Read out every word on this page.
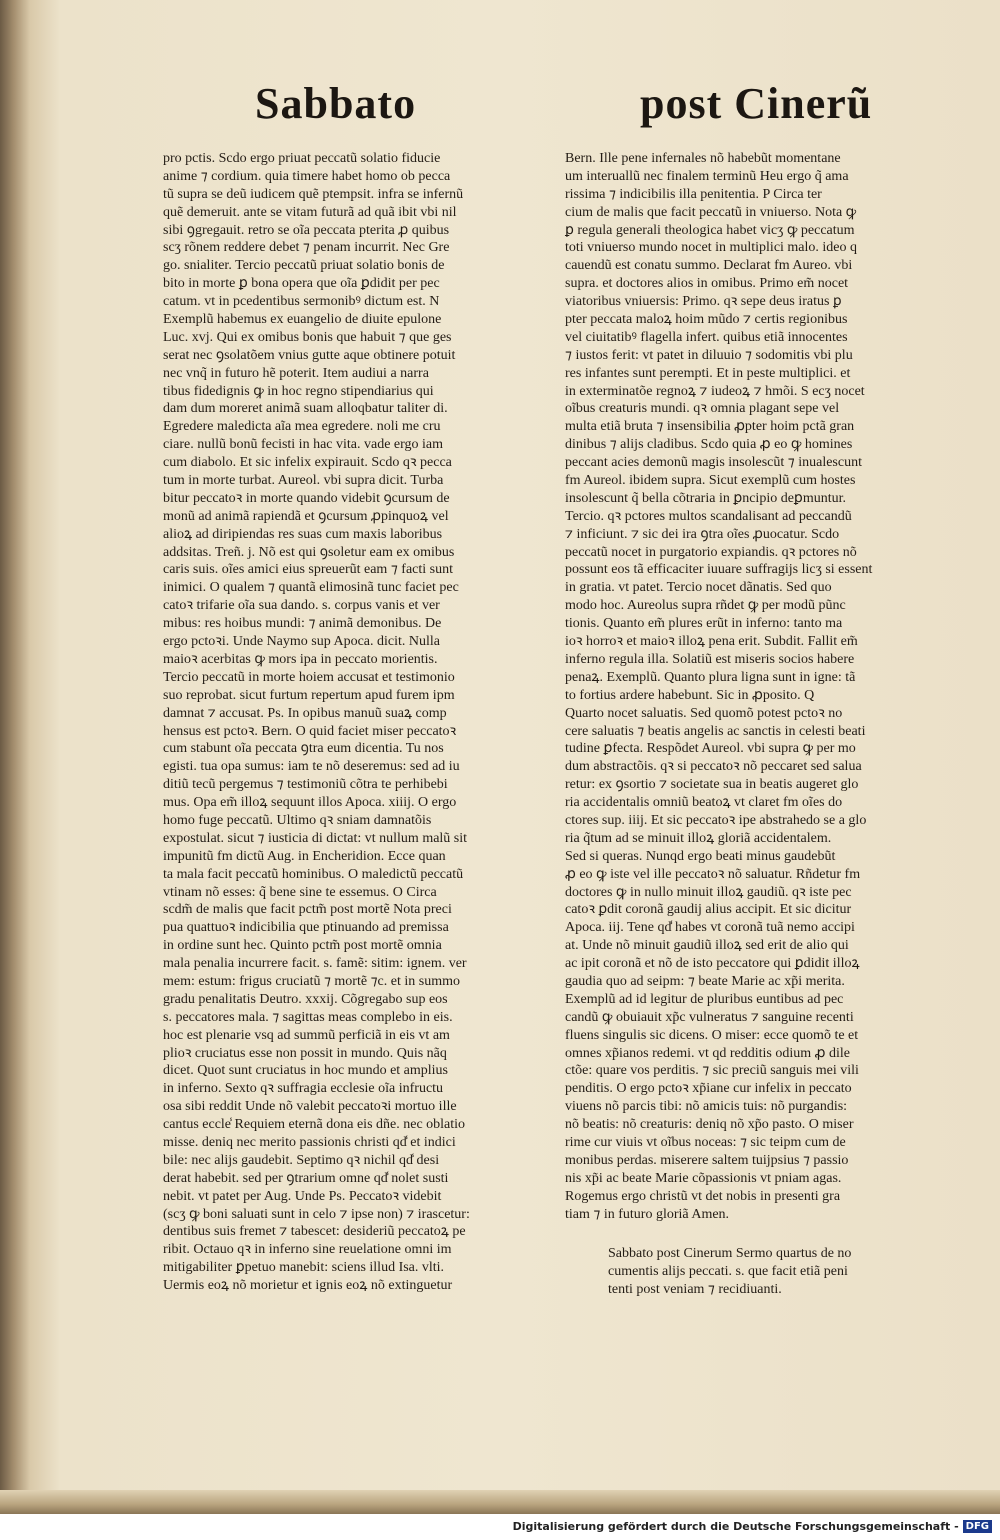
Sabbato	post Cinerũ
pro pctis. Scdo ergo priuat peccatũ solatio fiducie
anime ⁊ cordium. quia timere habet homo ob pecca
tũ supra se deũ iudicem quẽ ptempsit. infra se infernũ
quẽ demeruit. ante se vitam futurã ad quã ibit vbi nil
sibi ꝯgregauit. retro se oĩa peccata pterita ꝓ quibus
scʒ rõnem reddere debet ⁊ penam incurrit. Nec Gre
go. snialiter. Tercio peccatũ priuat solatio bonis de
bito in morte ꝑ bona opera que oĩa ꝑdidit per pec
catum. vt in pcedentibus sermonibꝰ dictum est. N
Exemplũ habemus ex euangelio de diuite epulone
Luc. xvj. Qui ex omibus bonis que habuit ⁊ que ges
serat nec ꝯsolatõem vnius gutte aque obtinere potuit
nec vnq̃ in futuro hẽ poterit. Item audiui a narra
tibus fidedignis ꝙ in hoc regno stipendiarius qui
dam dum moreret animã suam alloqbatur taliter di.
Egredere maledicta aĩa mea egredere. noli me cru
ciare. nullũ bonũ fecisti in hac vita. vade ergo iam
cum diabolo. Et sic infelix expirauit. Scdo qꝛ pecca
tum in morte turbat. Aureol. vbi supra dicit. Turba
bitur peccatoꝛ in morte quando videbit ꝯcursum de
monũ ad animã rapiendã et ꝯcursum ꝓpinquoꝝ vel
alioꝝ ad diripiendas res suas cum maxis laboribus
addsitas. Treñ. j. Nõ est qui ꝯsoletur eam ex omibus
caris suis. oĩes amici eius spreuerũt eam ⁊ facti sunt
inimici. O qualem ⁊ quantã elimosinã tunc faciet pec
catoꝛ trifarie oĩa sua dando. s. corpus vanis et ver
mibus: res hoibus mundi: ⁊ animã demonibus. De
ergo pctoꝛi. Unde Naymo sup Apoca. dicit. Nulla
maioꝛ acerbitas ꝙ mors ipa in peccato morientis.
Tercio peccatũ in morte hoiem accusat et testimonio
suo reprobat. sicut furtum repertum apud furem ipm
damnat ⁊ accusat. Ps. In opibus manuũ suaꝝ comp
hensus est pctoꝛ. Bern. O quid faciet miser peccatoꝛ
cum stabunt oĩa peccata ꝯtra eum dicentia. Tu nos
egisti. tua opa sumus: iam te nõ deseremus: sed ad iu
ditiũ tecũ pergemus ⁊ testimoniũ cõtra te perhibebi
mus. Opa em̃ illoꝝ sequunt illos Apoca. xiiij. O ergo
homo fuge peccatũ. Ultimo qꝛ sniam damnatõis
expostulat. sicut ⁊ iusticia di dictat: vt nullum malũ sit
impunitũ fm dictũ Aug. in Encheridion. Ecce quan
ta mala facit peccatũ hominibus. O maledictũ peccatũ
vtinam nõ esses: q̃ bene sine te essemus. O Circa
scdm̃ de malis que facit pctm̃ post mortẽ Nota preci
pua quattuoꝛ indicibilia que ptinuando ad premissa
in ordine sunt hec. Quinto pctm̃ post mortẽ omnia
mala penalia incurrere facit. s. famẽ: sitim: ignem. ver
mem: estum: frigus cruciatũ ⁊ mortẽ ⁊c. et in summo
gradu penalitatis Deutro. xxxij. Cõgregabo sup eos
s. peccatores mala. ⁊ sagittas meas complebo in eis.
hoc est plenarie vsq ad summũ perficiã in eis vt am
plioꝛ cruciatus esse non possit in mundo. Quis nãq
dicet. Quot sunt cruciatus in hoc mundo et amplius
in inferno. Sexto qꝛ suffragia ecclesie oĩa infructu
osa sibi reddit Unde nõ valebit peccatoꝛi mortuo ille
cantus eccle̾ Requiem eternã dona eis dñe. nec oblatio
misse. deniq nec merito passionis christi qd̾ et indici
bile: nec alijs gaudebit. Septimo qꝛ nichil qd̾ desi
derat habebit. sed per ꝯtrarium omne qd̾ nolet susti
nebit. vt patet per Aug. Unde Ps. Peccatoꝛ videbit
(scʒ ꝙ boni saluati sunt in celo ⁊ ipse non) ⁊ irascetur:
dentibus suis fremet ⁊ tabescet: desideriũ peccatoꝝ pe
ribit. Octauo qꝛ in inferno sine reuelatione omni im
mitigabiliter ꝑpetuo manebit: sciens illud Isa. vlti.
Uermis eoꝝ nõ morietur et ignis eoꝝ nõ extinguetur
Bern. Ille pene infernales nõ habebũt momentane
um interuallũ nec finalem terminũ Heu ergo q̃ ama
rissima ⁊ indicibilis illa penitentia. P Circa ter
cium de malis que facit peccatũ in vniuerso. Nota ꝙ
ꝑ regula generali theologica habet vicʒ ꝙ peccatum
toti vniuerso mundo nocet in multiplici malo. ideo q
cauendũ est conatu summo. Declarat fm Aureo. vbi
supra. et doctores alios in omibus. Primo em̃ nocet
viatoribus vniuersis: Primo. qꝛ sepe deus iratus ꝑ
pter peccata maloꝝ hoim mũdo ⁊ certis regionibus
vel ciuitatibꝰ flagella infert. quibus etiã innocentes
⁊ iustos ferit: vt patet in diluuio ⁊ sodomitis vbi plu
res infantes sunt perempti. Et in peste multiplici. et
in exterminatõe regnoꝝ ⁊ iudeoꝝ ⁊ hmõi. S ecʒ nocet
oĩbus creaturis mundi. qꝛ omnia plagant sepe vel
multa etiã bruta ⁊ insensibilia ꝓpter hoim pctã gran
dinibus ⁊ alijs cladibus. Scdo quia ꝓ eo ꝙ homines
peccant acies demonũ magis insolescũt ⁊ inualescunt
fm Aureol. ibidem supra. Sicut exemplũ cum hostes
insolescunt q̃ bella cõtraria in ꝑncipio deꝑmuntur.
Tercio. qꝛ pctores multos scandalisant ad peccandũ
⁊ inficiunt. ⁊ sic dei ira ꝯtra oĩes ꝓuocatur. Scdo
peccatũ nocet in purgatorio expiandis. qꝛ pctores nõ
possunt eos tã efficaciter iuuare suffragijs licʒ si essent
in gratia. vt patet. Tercio nocet dãnatis. Sed quo
modo hoc. Aureolus supra rñdet ꝙ per modũ pũnc
tionis. Quanto em̃ plures erũt in inferno: tanto ma
ioꝛ horroꝛ et maioꝛ illoꝝ pena erit. Subdit. Fallit em̃
inferno regula illa. Solatiũ est miseris socios habere
penaꝝ. Exemplũ. Quanto plura ligna sunt in igne: tã
to fortius ardere habebunt. Sic in ꝓposito. Q
Quarto nocet saluatis. Sed quomõ potest pctoꝛ no
cere saluatis ⁊ beatis angelis ac sanctis in celesti beati
tudine ꝑfecta. Respõdet Aureol. vbi supra ꝙ per mo
dum abstractõis. qꝛ si peccatoꝛ nõ peccaret sed salua
retur: ex ꝯsortio ⁊ societate sua in beatis augeret glo
ria accidentalis omniũ beatoꝝ vt claret fm oĩes do
ctores sup. iiij. Et sic peccatoꝛ ipe abstrahedo se a glo
ria q̃tum ad se minuit illoꝝ gloriã accidentalem.
Sed si queras. Nunqd ergo beati minus gaudebũt
ꝓ eo ꝙ iste vel ille peccatoꝛ nõ saluatur. Rñdetur fm
doctores ꝙ in nullo minuit illoꝝ gaudiũ. qꝛ iste pec
catoꝛ ꝑdit coronã gaudij alius accipit. Et sic dicitur
Apoca. iij. Tene qd̾ habes vt coronã tuã nemo accipi
at. Unde nõ minuit gaudiũ illoꝝ sed erit de alio qui
ac ipit coronã et nõ de isto peccatore qui ꝑdidit illoꝝ
gaudia quo ad seipm: ⁊ beate Marie ac xp̃i merita.
Exemplũ ad id legitur de pluribus euntibus ad pec
candũ ꝙ obuiauit xp̃c vulneratus ⁊ sanguine recenti
fluens singulis sic dicens. O miser: ecce quomõ te et
omnes xp̃ianos redemi. vt qd redditis odium ꝓ dile
ctõe: quare vos perditis. ⁊ sic preciũ sanguis mei vili
penditis. O ergo pctoꝛ xp̃iane cur infelix in peccato
viuens nõ parcis tibi: nõ amicis tuis: nõ purgandis:
nõ beatis: nõ creaturis: deniq nõ xp̃o pasto. O miser
rime cur viuis vt oĩbus noceas: ⁊ sic teipm cum de
monibus perdas. miserere saltem tuijpsius ⁊ passio
nis xp̃i ac beate Marie cõpassionis vt pniam agas.
Rogemus ergo christũ vt det nobis in presenti gra
tiam ⁊ in futuro gloriã Amen.
Sabbato post Cinerum Sermo quartus de no
cumentis alijs peccati. s. que facit etiã peni
tenti post veniam ⁊ recidiuanti.
Digitalisierung gefördert durch die Deutsche Forschungsgemeinschaft - DFG
